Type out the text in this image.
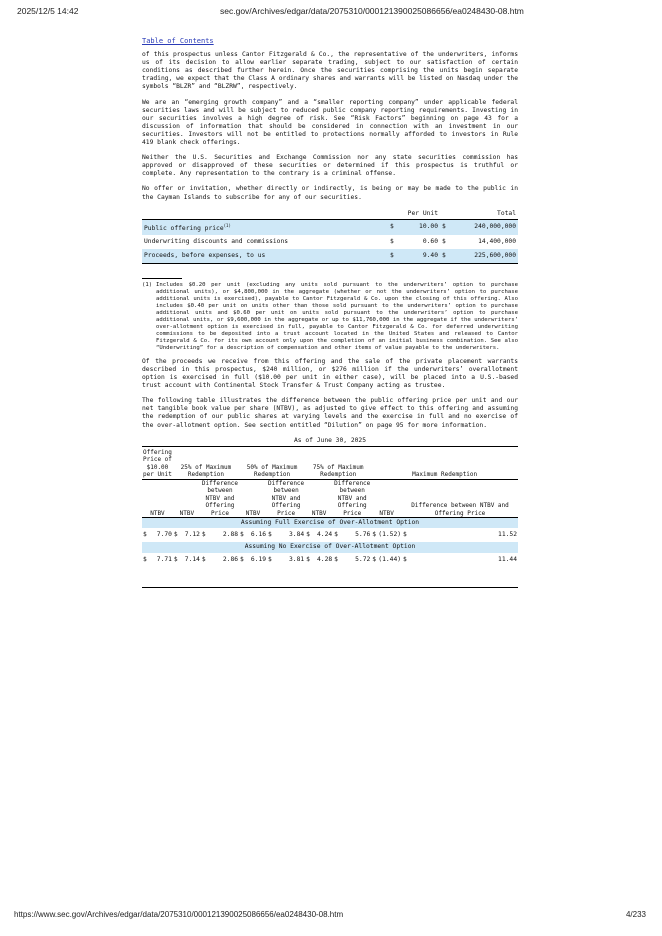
2025/12/5 14:42	sec.gov/Archives/edgar/data/2075310/000121390025086656/ea0248430-08.htm
Table of Contents

of this prospectus unless Cantor Fitzgerald & Co., the representative of the underwriters, informs us of its decision to allow earlier separate trading, subject to our satisfaction of certain conditions as described further herein. Once the securities comprising the units begin separate trading, we expect that the Class A ordinary shares and warrants will be listed on Nasdaq under the symbols “BLZR” and “BLZRW”, respectively.

We are an “emerging growth company” and a “smaller reporting company” under applicable federal securities laws and will be subject to reduced public company reporting requirements. Investing in our securities involves a high degree of risk. See “Risk Factors” beginning on page 43 for a discussion of information that should be considered in connection with an investment in our securities. Investors will not be entitled to protections normally afforded to investors in Rule 419 blank check offerings.

Neither the U.S. Securities and Exchange Commission nor any state securities commission has approved or disapproved of these securities or determined if this prospectus is truthful or complete. Any representation to the contrary is a criminal offense.

No offer or invitation, whether directly or indirectly, is being or may be made to the public in the Cayman Islands to subscribe for any of our securities.

	Per Unit		Total	
Public offering price$^{(1)}$	$	10.00	$	240,000,000
Underwriting discounts and commissions	$	0.60	$	14,400,000
Proceeds, before expenses, to us	$	9.40	$	225,600,000
(1) Includes $0.20 per unit (excluding any units sold pursuant to the underwriters’ option to purchase additional units), or $4,800,000 in the aggregate (whether or not the underwriters’ option to purchase additional units is exercised), payable to Cantor Fitzgerald & Co. upon the closing of this offering. Also includes $0.40 per unit on units other than those sold pursuant to the underwriters’ option to purchase additional units and $0.60 per unit on units sold pursuant to the underwriters’ option to purchase additional units, or $9,600,000 in the aggregate or up to $11,760,000 in the aggregate if the underwriters’ over-allotment option is exercised in full, payable to Cantor Fitzgerald & Co. for deferred underwriting commissions to be deposited into a trust account located in the United States and released to Cantor Fitzgerald & Co. for its own account only upon the completion of an initial business combination. See also “Underwriting” for a description of compensation and other items of value payable to the underwriters.

Of the proceeds we receive from this offering and the sale of the private placement warrants described in this prospectus, $240 million, or $276 million if the underwriters’ overallotment option is exercised in full ($10.00 per unit in either case), will be placed into a U.S.-based trust account with Continental Stock Transfer & Trust Company acting as trustee.

The following table illustrates the difference between the public offering price per unit and our net tangible book value per share (NTBV), as adjusted to give effect to this offering and assuming the redemption of our public shares at varying levels and the exercise in full and no exercise of the over-allotment option. See section entitled “Dilution” on page 95 for more information.

As of June 30, 2025
Offering Price of $10.00 per Unit		25% of Maximum Redemption				50% of Maximum Redemption				75% of Maximum Redemption				Maximum Redemption			
NTBV		NTBV		Difference between NTBV and Offering Price		NTBV		Difference between NTBV and Offering Price		NTBV		Difference between NTBV and Offering Price		NTBV		Difference between NTBV and Offering Price	
Assuming Full Exercise of Over-Allotment Option																	
$	7.70	$	7.12	$	2.88	$	6.16	$	3.84	$	4.24	$	5.76	$	(1.52)	$	11.52
Assuming No Exercise of Over-Allotment Option																	
$	7.71	$	7.14	$	2.86	$	6.19	$	3.81	$	4.28	$	5.72	$	(1.44)	$	11.44

https://www.sec.gov/Archives/edgar/data/2075310/000121390025086656/ea0248430-08.htm	4/233
